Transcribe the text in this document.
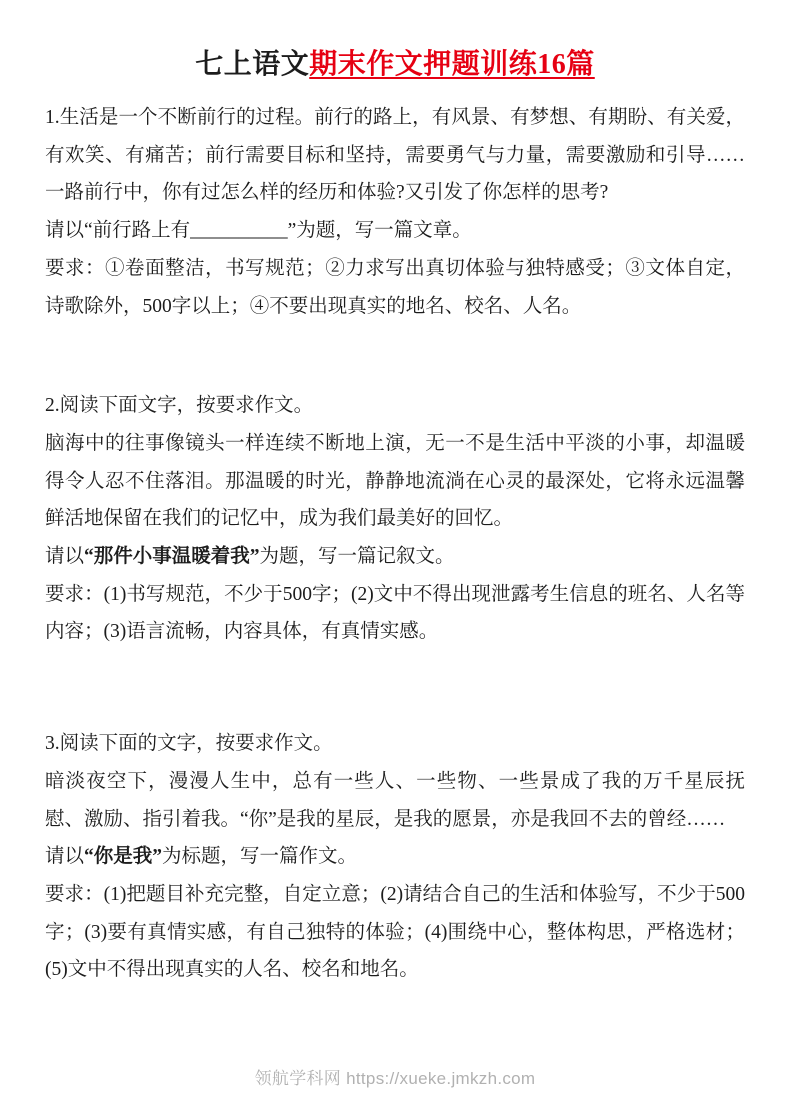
七上语文期末作文押题训练16篇

1.生活是一个不断前行的过程。前行的路上，有风景、有梦想、有期盼、有关爱，有欢笑、有痛苦；前行需要目标和坚持，需要勇气与力量，需要激励和引导……一路前行中，你有过怎么样的经历和体验?又引发了你怎样的思考?

请以“前行路上有__________”为题，写一篇文章。

要求：①卷面整洁，书写规范；②力求写出真切体验与独特感受；③文体自定，诗歌除外，500字以上；④不要出现真实的地名、校名、人名。

2.阅读下面文字，按要求作文。

脑海中的往事像镜头一样连续不断地上演，无一不是生活中平淡的小事，却温暖得令人忍不住落泪。那温暖的时光，静静地流淌在心灵的最深处，它将永远温馨鲜活地保留在我们的记忆中，成为我们最美好的回忆。

请以“那件小事温暖着我”为题，写一篇记叙文。

要求：(1)书写规范，不少于500字；(2)文中不得出现泄露考生信息的班名、人名等内容；(3)语言流畅，内容具体，有真情实感。

3.阅读下面的文字，按要求作文。

暗淡夜空下，漫漫人生中，总有一些人、一些物、一些景成了我的万千星辰抚慰、激励、指引着我。“你”是我的星辰，是我的愿景，亦是我回不去的曾经……

请以“你是我”为标题，写一篇作文。

要求：(1)把题目补充完整，自定立意；(2)请结合自己的生活和体验写，不少于500字；(3)要有真情实感，有自己独特的体验；(4)围绕中心，整体构思，严格选材；(5)文中不得出现真实的人名、校名和地名。

领航学科网 https://xueke.jmkzh.com
